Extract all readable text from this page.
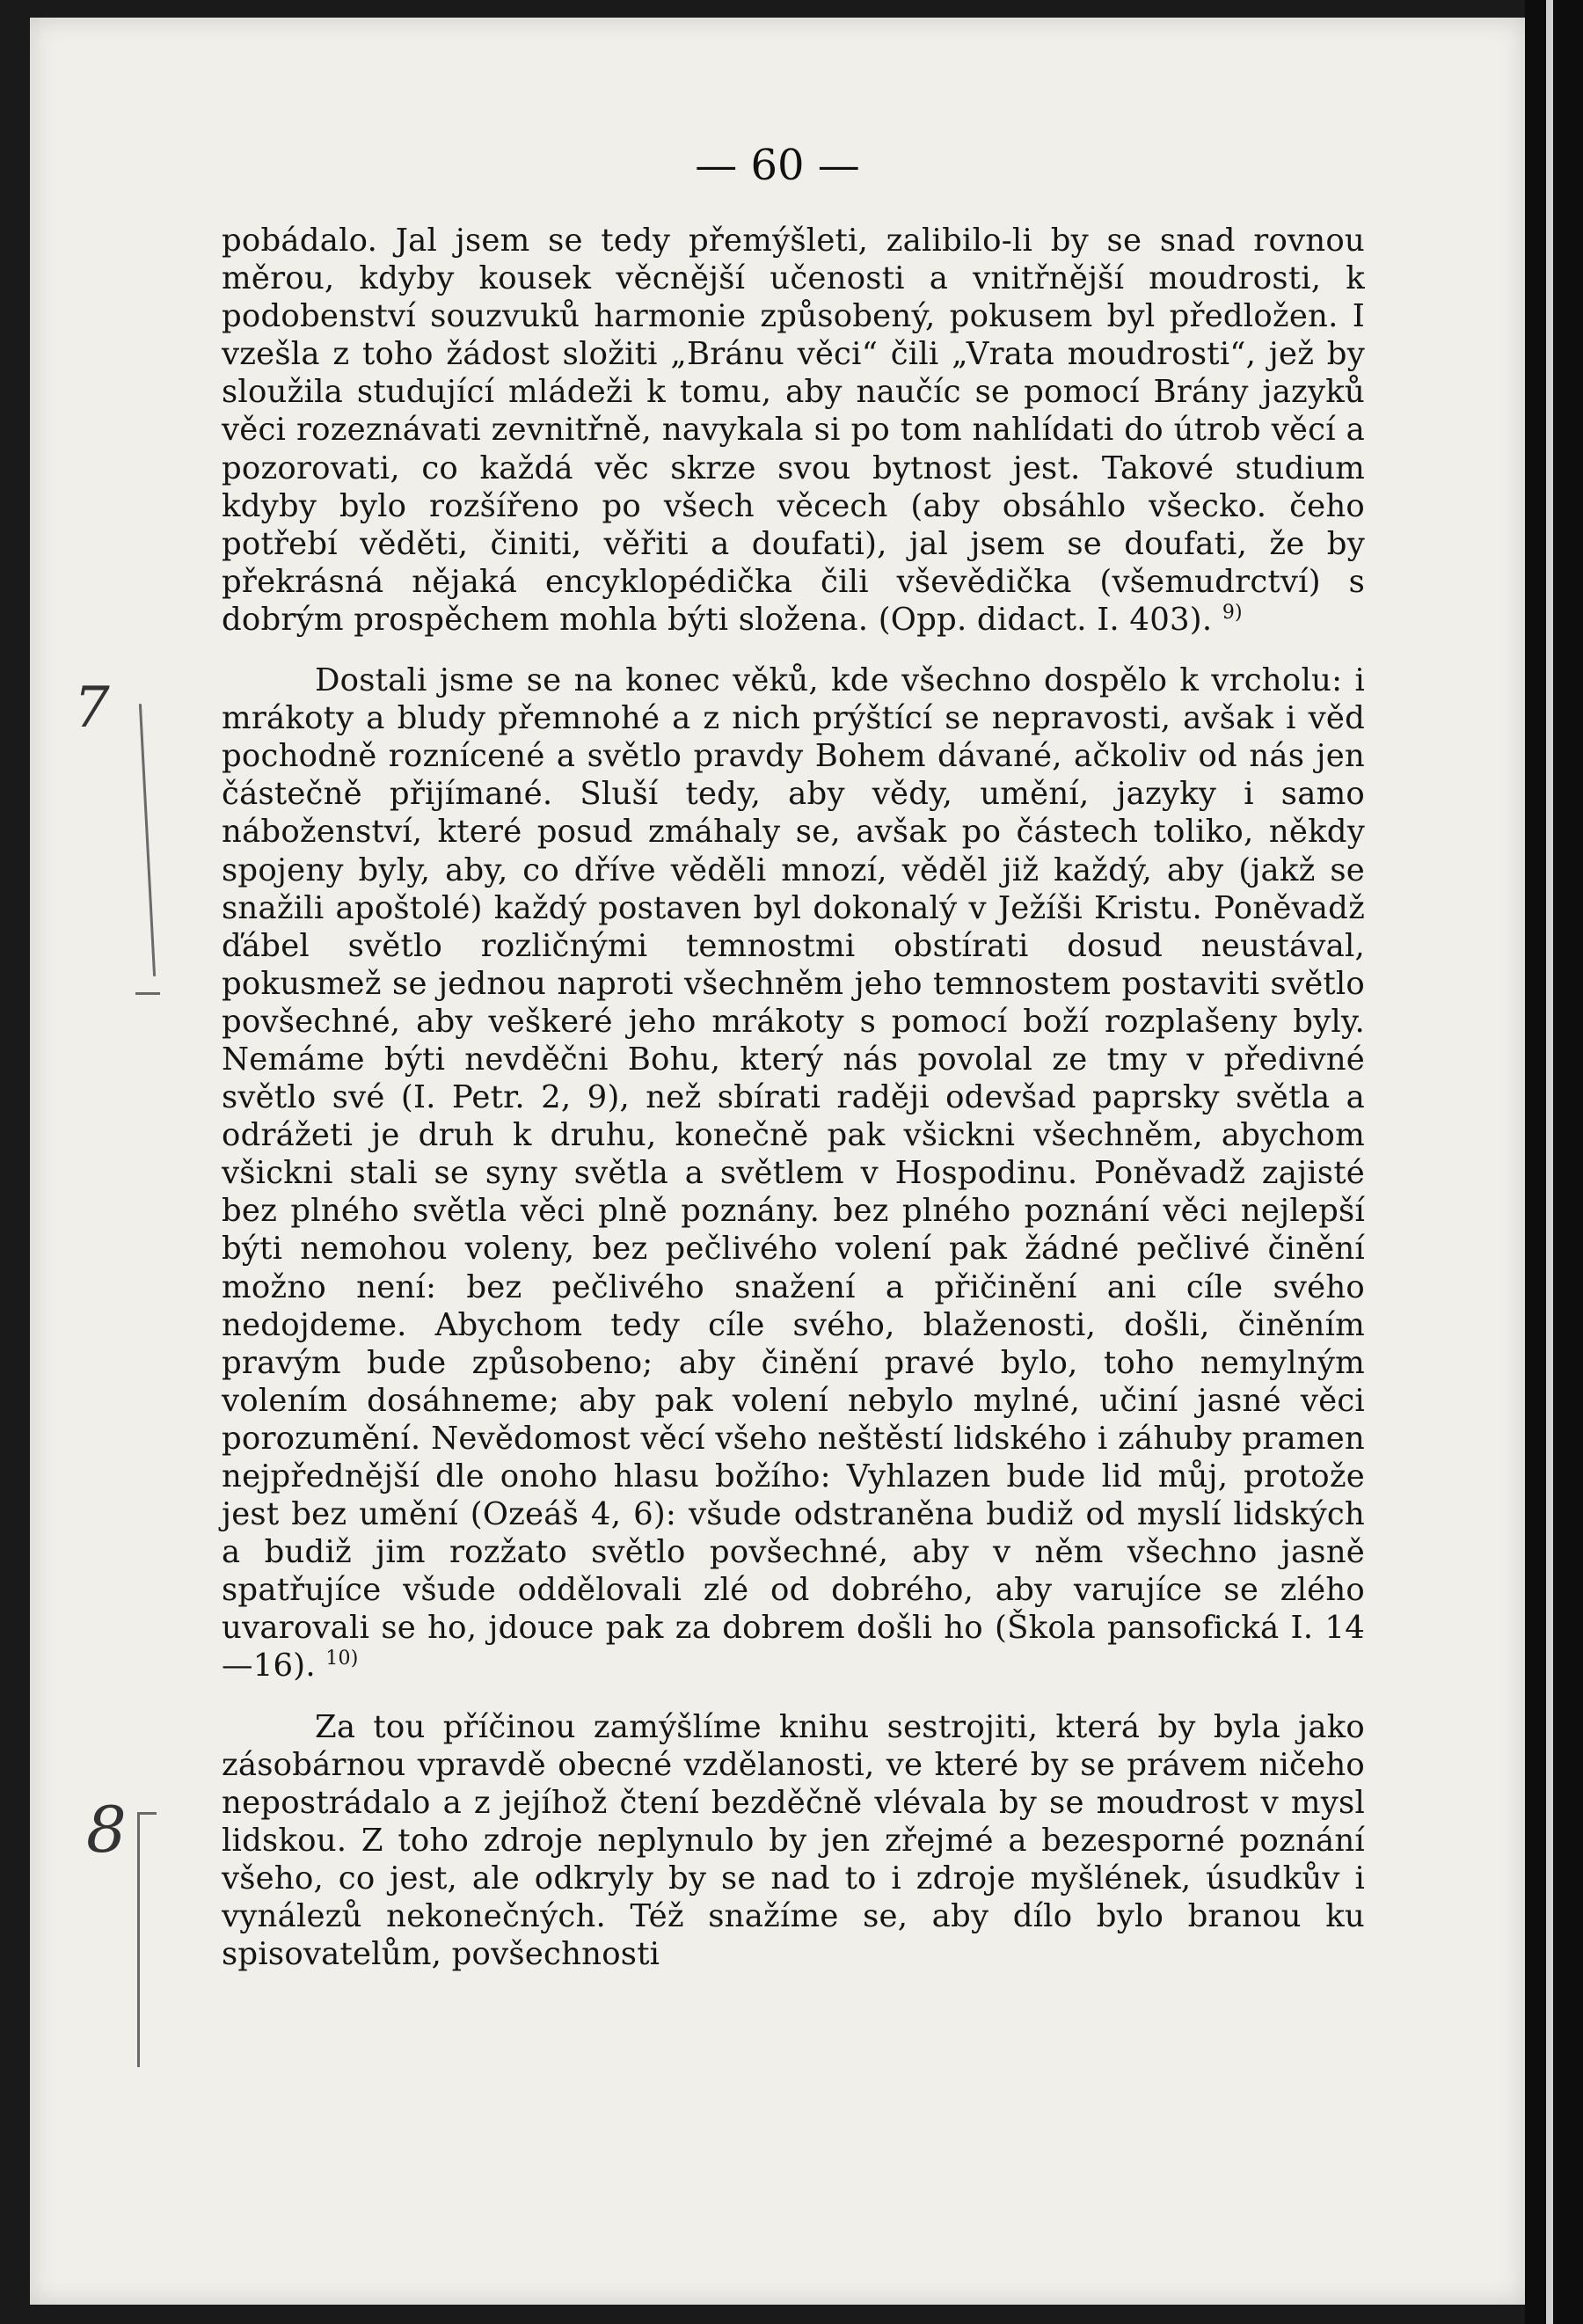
— 60 —
7
8

pobádalo. Jal jsem se tedy přemýšleti, zalibilo-li by se snad rovnou měrou, kdyby kousek věcnější učenosti a vnitřnější moudrosti, k podobenství souzvuků harmonie způsobený, pokusem byl předložen. I vzešla z toho žádost složiti „Bránu věci“ čili „Vrata moudrosti“, jež by sloužila studující mládeži k tomu, aby naučíc se pomocí Brány jazyků věci rozeznávati zevnitřně, navykala si po tom nahlídati do útrob věcí a pozorovati, co každá věc skrze svou bytnost jest. Takové studium kdyby bylo rozšířeno po všech věcech (aby obsáhlo všecko. čeho potřebí věděti, činiti, věřiti a doufati), jal jsem se doufati, že by překrásná nějaká encyklopédička čili vševědička (všemudrctví) s dobrým prospěchem mohla býti složena. (Opp. didact. I. 403). $^{9)}$

Dostali jsme se na konec věků, kde všechno dospělo k vrcholu: i mrákoty a bludy přemnohé a z nich prýštící se nepravosti, avšak i věd pochodně roznícené a světlo pravdy Bohem dávané, ačkoliv od nás jen částečně přijímané. Sluší tedy, aby vědy, umění, jazyky i samo náboženství, které posud zmáhaly se, avšak po částech toliko, někdy spojeny byly, aby, co dříve věděli mnozí, věděl již každý, aby (jakž se snažili apoštolé) každý postaven byl dokonalý v Ježíši Kristu. Poněvadž ďábel světlo rozličnými temnostmi obstírati dosud neustával, pokusmež se jednou naproti všechněm jeho temnostem postaviti světlo povšechné, aby veškeré jeho mrákoty s pomocí boží rozplašeny byly. Nemáme býti nevděčni Bohu, který nás povolal ze tmy v předivné světlo své (I. Petr. 2, 9), než sbírati raději odevšad paprsky světla a odrážeti je druh k druhu, konečně pak všickni všechněm, abychom všickni stali se syny světla a světlem v Hospodinu. Poněvadž zajisté bez plného světla věci plně poznány. bez plného poznání věci nejlepší býti nemohou voleny, bez pečlivého volení pak žádné pečlivé činění možno není: bez pečlivého snažení a přičinění ani cíle svého nedojdeme. Abychom tedy cíle svého, blaženosti, došli, činěním pravým bude způsobeno; aby činění pravé bylo, toho nemylným volením dosáhneme; aby pak volení nebylo mylné, učiní jasné věci porozumění. Nevědomost věcí všeho neštěstí lidského i záhuby pramen nejpřednější dle onoho hlasu božího: Vyhlazen bude lid můj, protože jest bez umění (Ozeáš 4, 6): všude odstraněna budiž od myslí lidských a budiž jim rozžato světlo povšechné, aby v něm všechno jasně spatřujíce všude oddělovali zlé od dobrého, aby varujíce se zlého uvarovali se ho, jdouce pak za dobrem došli ho (Škola pansofická I. 14—16). $^{10)}$

Za tou příčinou zamýšlíme knihu sestrojiti, která by byla jako zásobárnou vpravdě obecné vzdělanosti, ve které by se právem ničeho nepostrádalo a z jejíhož čtení bezděčně vlévala by se moudrost v mysl lidskou. Z toho zdroje neplynulo by jen zřejmé a bezesporné poznání všeho, co jest, ale odkryly by se nad to i zdroje myšlének, úsudkův i vynálezů nekonečných. Též snažíme se, aby dílo bylo branou ku spisovatelům, povšechnosti
